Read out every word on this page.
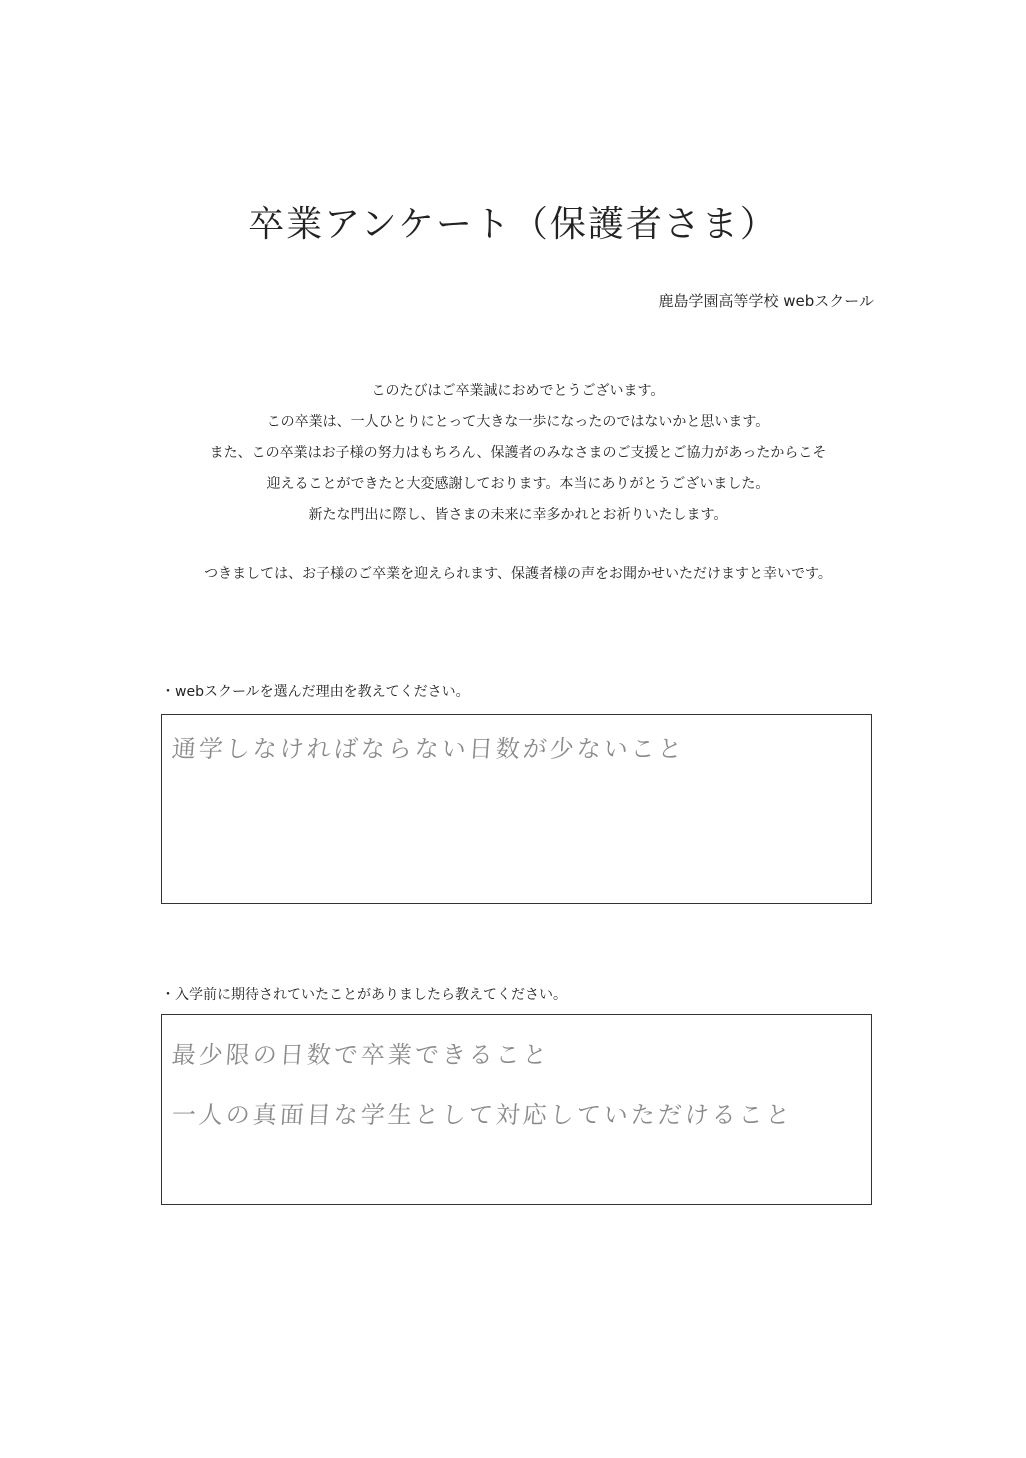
卒業アンケート（保護者さま）
鹿島学園高等学校 webスクール

このたびはご卒業誠におめでとうございます。

この卒業は、一人ひとりにとって大きな一歩になったのではないかと思います。

また、この卒業はお子様の努力はもちろん、保護者のみなさまのご支援とご協力があったからこそ

迎えることができたと大変感謝しております。本当にありがとうございました。

新たな門出に際し、皆さまの未来に幸多かれとお祈りいたします。

つきましては、お子様のご卒業を迎えられます、保護者様の声をお聞かせいただけますと幸いです。
・webスクールを選んだ理由を教えてください。
通学しなければならない日数が少ないこと
・入学前に期待されていたことがありましたら教えてください。
最少限の日数で卒業できること
一人の真面目な学生として対応していただけること
